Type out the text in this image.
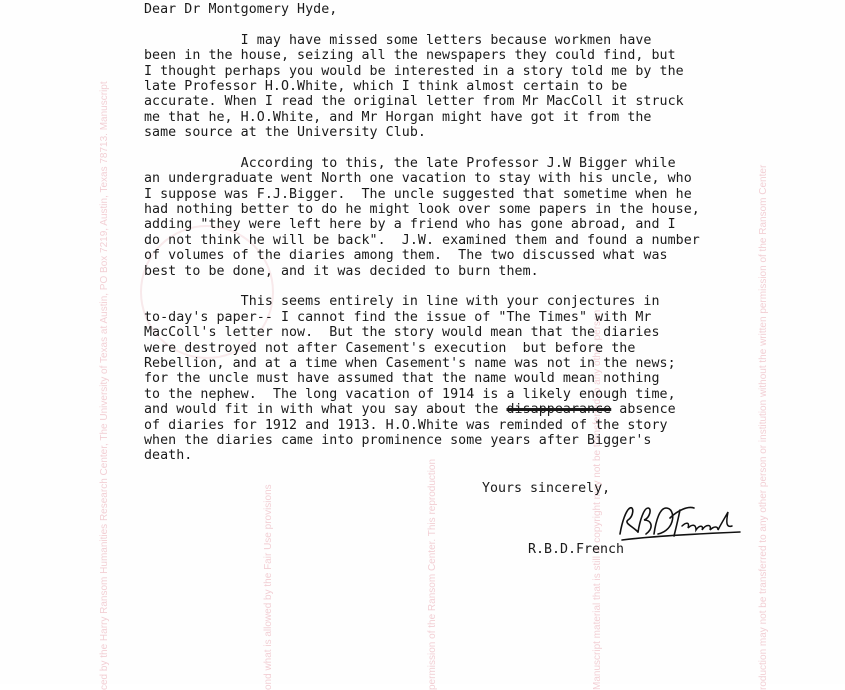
ced by the Harry Ransom Humanities Research Center, The University of Texas at Austin, PO Box 7219, Austin, Texas 78713. Manuscript	ond what is allowed by the Fair Use provisions	permission of the Ransom Center. This reproduction	Manuscript material that is still in copyright may not be transferred to any other person	roduction may not be transferred to any other person or institution without the written permission of the Ransom Center
Dear Dr Montgomery Hyde,
I may have missed some letters because workmen have
been in the house, seizing all the newspapers they could find, but
I thought perhaps you would be interested in a story told me by the
late Professor H.O.White, which I think almost certain to be
accurate. When I read the original letter from Mr MacColl it struck
me that he, H.O.White, and Mr Horgan might have got it from the
same source at the University Club.
According to this, the late Professor J.W Bigger while
an undergraduate went North one vacation to stay with his uncle, who
I suppose was F.J.Bigger.  The uncle suggested that sometime when he
had nothing better to do he might look over some papers in the house,
adding "they were left here by a friend who has gone abroad, and I
do not think he will be back".  J.W. examined them and found a number
of volumes of the diaries among them.  The two discussed what was
best to be done, and it was decided to burn them.
This seems entirely in line with your conjectures in
to-day's paper-- I cannot find the issue of "The Times" with Mr
MacColl's letter now.  But the story would mean that the diaries
were destroyed not after Casement's execution  but before the
Rebellion, and at a time when Casement's name was not in the news;
for the uncle must have assumed that the name would mean nothing
to the nephew.  The long vacation of 1914 is a likely enough time,
and would fit in with what you say about the disappearance absence
of diaries for 1912 and 1913. H.O.White was reminded of the story
when the diaries came into prominence some years after Bigger's
death.
Yours sincerely,
R.B.D.French
